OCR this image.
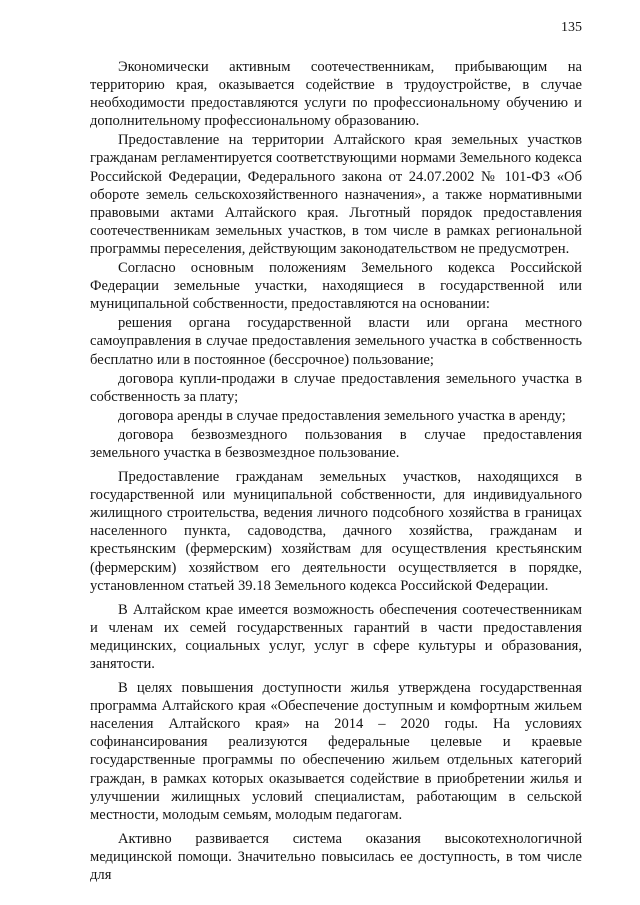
135

Экономически активным соотечественникам, прибывающим на территорию края, оказывается содействие в трудоустройстве, в случае необходимости предоставляются услуги по профессиональному обучению и дополнительному профессиональному образованию.

Предоставление на территории Алтайского края земельных участков гражданам регламентируется соответствующими нормами Земельного кодекса Российской Федерации, Федерального закона от 24.07.2002 № 101-ФЗ «Об обороте земель сельскохозяйственного назначения», а также нормативными правовыми актами Алтайского края. Льготный порядок предоставления соотечественникам земельных участков, в том числе в рамках региональной программы переселения, действующим законодательством не предусмотрен.

Согласно основным положениям Земельного кодекса Российской Федерации земельные участки, находящиеся в государственной или муниципальной собственности, предоставляются на основании:

решения органа государственной власти или органа местного самоуправления в случае предоставления земельного участка в собственность бесплатно или в постоянное (бессрочное) пользование;

договора купли-продажи в случае предоставления земельного участка в собственность за плату;

договора аренды в случае предоставления земельного участка в аренду;

договора безвозмездного пользования в случае предоставления земельного участка в безвозмездное пользование.

Предоставление гражданам земельных участков, находящихся в государственной или муниципальной собственности, для индивидуального жилищного строительства, ведения личного подсобного хозяйства в границах населенного пункта, садоводства, дачного хозяйства, гражданам и крестьянским (фермерским) хозяйствам для осуществления крестьянским (фермерским) хозяйством его деятельности осуществляется в порядке, установленном статьей 39.18 Земельного кодекса Российской Федерации.

В Алтайском крае имеется возможность обеспечения соотечественникам и членам их семей государственных гарантий в части предоставления медицинских, социальных услуг, услуг в сфере культуры и образования, занятости.

В целях повышения доступности жилья утверждена государственная программа Алтайского края «Обеспечение доступным и комфортным жильем населения Алтайского края» на 2014 – 2020 годы. На условиях софинансирования реализуются федеральные целевые и краевые государственные программы по обеспечению жильем отдельных категорий граждан, в рамках которых оказывается содействие в приобретении жилья и улучшении жилищных условий специалистам, работающим в сельской местности, молодым семьям, молодым педагогам.

Активно развивается система оказания высокотехнологичной медицинской помощи. Значительно повысилась ее доступность, в том числе для
